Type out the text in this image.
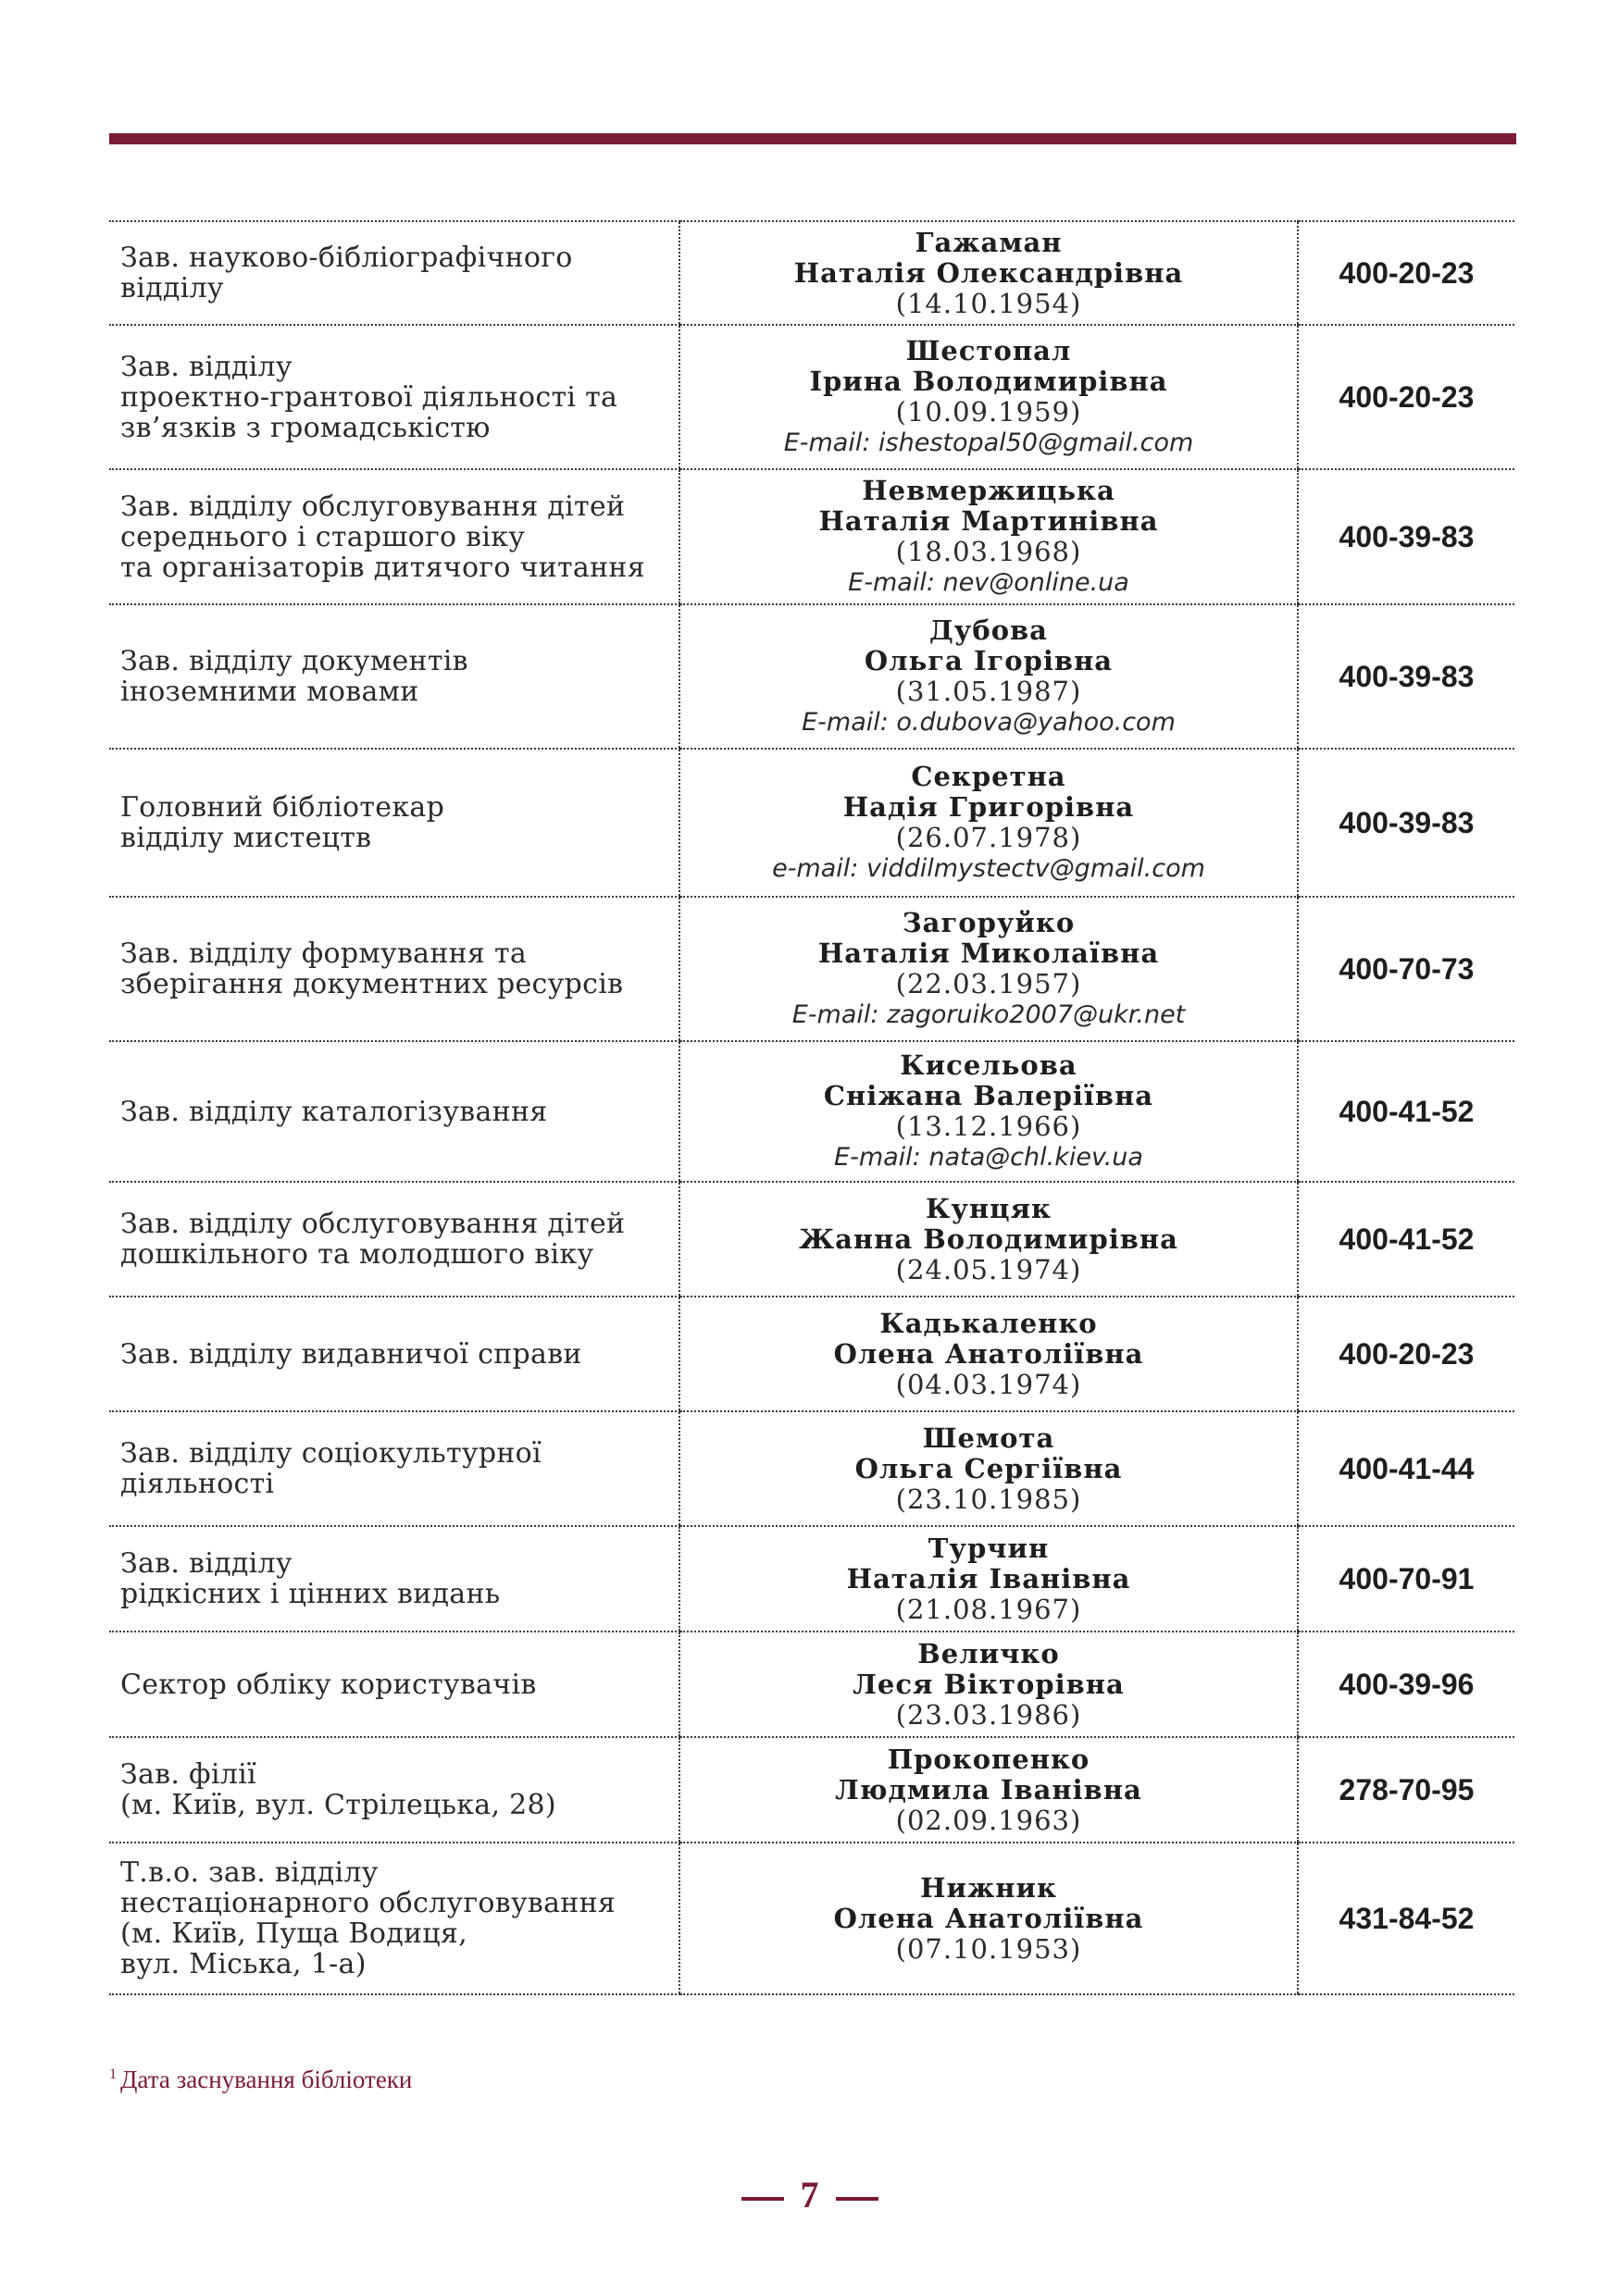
Зав. науково-бібліографічного
відділу	Гажаман
Наталія Олександрівна
(14.10.1954)	400-20-23

Зав. відділу
проектно-грантової діяльності та
зв’язків з громадськістю	Шестопал
Ірина Володимирівна
(10.09.1959)
E-mail: ishestopal50@gmail.com	400-20-23

Зав. відділу обслуговування дітей
середнього і старшого віку
та організаторів дитячого читання	Невмержицька
Наталія Мартинівна
(18.03.1968)
E-mail: nev@online.ua	400-39-83

Зав. відділу документів
іноземними мовами	Дубова
Ольга Ігорівна
(31.05.1987)
E-mail: o.dubova@yahoo.com	400-39-83

Головний бібліотекар
відділу мистецтв	Секретна
Надія Григорівна
(26.07.1978)
e-mail: viddilmystectv@gmail.com	400-39-83

Зав. відділу формування та
зберігання документних ресурсів	Загоруйко
Наталія Миколаївна
(22.03.1957)
E-mail: zagoruiko2007@ukr.net	400-70-73

Зав. відділу каталогізування	Кисельова
Сніжана Валеріївна
(13.12.1966)
E-mail: nata@chl.kiev.ua	400-41-52

Зав. відділу обслуговування дітей
дошкільного та молодшого віку	Кунцяк
Жанна Володимирівна
(24.05.1974)	400-41-52

Зав. відділу видавничої справи	Кадькаленко
Олена Анатоліївна
(04.03.1974)	400-20-23

Зав. відділу соціокультурної
діяльності	Шемота
Ольга Сергіївна
(23.10.1985)	400-41-44

Зав. відділу
рідкісних і цінних видань	Турчин
Наталія Іванівна
(21.08.1967)	400-70-91

Сектор обліку користувачів	Величко
Леся Вікторівна
(23.03.1986)	400-39-96

Зав. філії
(м. Київ, вул. Стрілецька, 28)	Прокопенко
Людмила Іванівна
(02.09.1963)	278-70-95

Т.в.о. зав. відділу
нестаціонарного обслуговування
(м. Київ, Пуща Водиця,
вул. Міська, 1-а)	Нижник
Олена Анатоліївна
(07.10.1953)	431-84-52
$^1$ Дата заснування бібліотеки
7
